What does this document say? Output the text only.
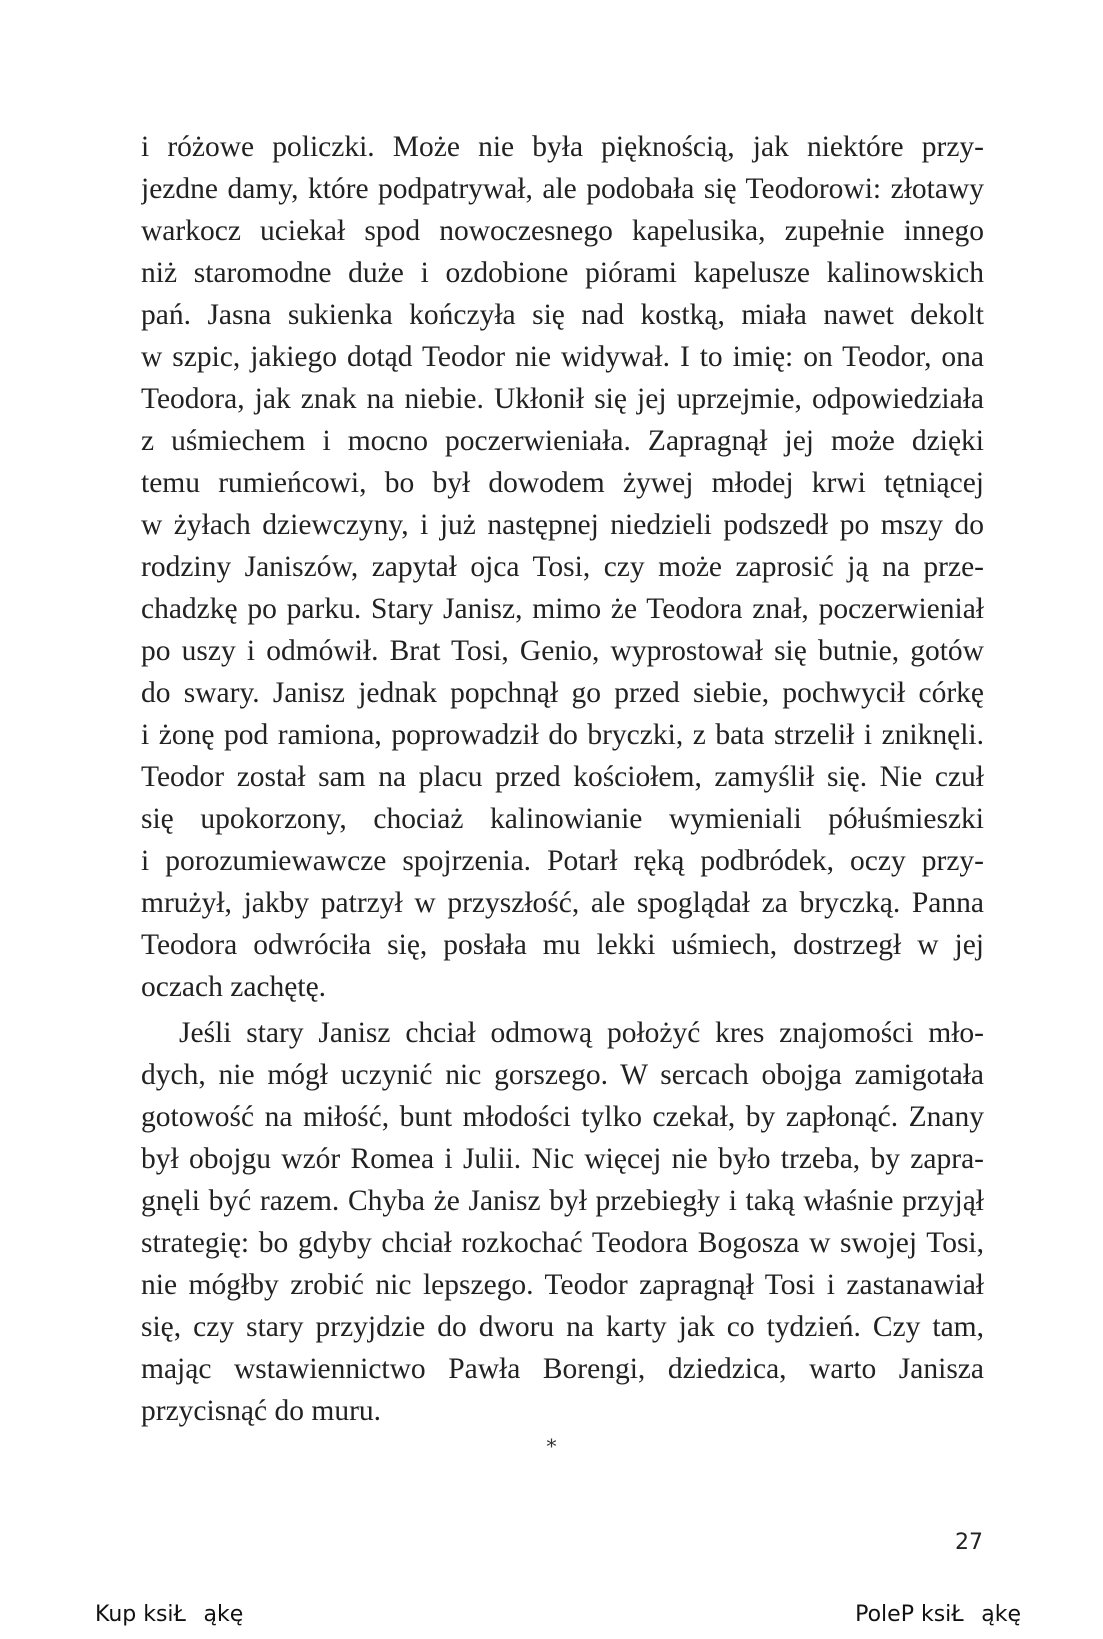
i różowe policzki. Może nie była pięknością, jak niektóre przy-
jezdne damy, które podpatrywał, ale podobała się Teodorowi: złotawy
warkocz uciekał spod nowoczesnego kapelusika, zupełnie innego
niż staromodne duże i ozdobione piórami kapelusze kalinowskich
pań. Jasna sukienka kończyła się nad kostką, miała nawet dekolt
w szpic, jakiego dotąd Teodor nie widywał. I to imię: on Teodor, ona
Teodora, jak znak na niebie. Ukłonił się jej uprzejmie, odpowiedziała
z uśmiechem i mocno poczerwieniała. Zapragnął jej może dzięki
temu rumieńcowi, bo był dowodem żywej młodej krwi tętniącej
w żyłach dziewczyny, i już następnej niedzieli podszedł po mszy do
rodziny Janiszów, zapytał ojca Tosi, czy może zaprosić ją na prze-
chadzkę po parku. Stary Janisz, mimo że Teodora znał, poczerwieniał
po uszy i odmówił. Brat Tosi, Genio, wyprostował się butnie, gotów
do swary. Janisz jednak popchnął go przed siebie, pochwycił córkę
i żonę pod ramiona, poprowadził do bryczki, z bata strzelił i zniknęli.
Teodor został sam na placu przed kościołem, zamyślił się. Nie czuł
się upokorzony, chociaż kalinowianie wymieniali półuśmieszki
i porozumiewawcze spojrzenia. Potarł ręką podbródek, oczy przy-
mrużył, jakby patrzył w przyszłość, ale spoglądał za bryczką. Panna
Teodora odwróciła się, posłała mu lekki uśmiech, dostrzegł w jej
oczach zachętę.
Jeśli stary Janisz chciał odmową położyć kres znajomości mło-
dych, nie mógł uczynić nic gorszego. W sercach obojga zamigotała
gotowość na miłość, bunt młodości tylko czekał, by zapłonąć. Znany
był obojgu wzór Romea i Julii. Nic więcej nie było trzeba, by zapra-
gnęli być razem. Chyba że Janisz był przebiegły i taką właśnie przyjął
strategię: bo gdyby chciał rozkochać Teodora Bogosza w swojej Tosi,
nie mógłby zrobić nic lepszego. Teodor zapragnął Tosi i zastanawiał
się, czy stary przyjdzie do dworu na karty jak co tydzień. Czy tam,
mając wstawiennictwo Pawła Borengi, dziedzica, warto Janisza
przycisnąć do muru.
*
27
Kup ksiŁąkę	PoleP ksiŁąkę
